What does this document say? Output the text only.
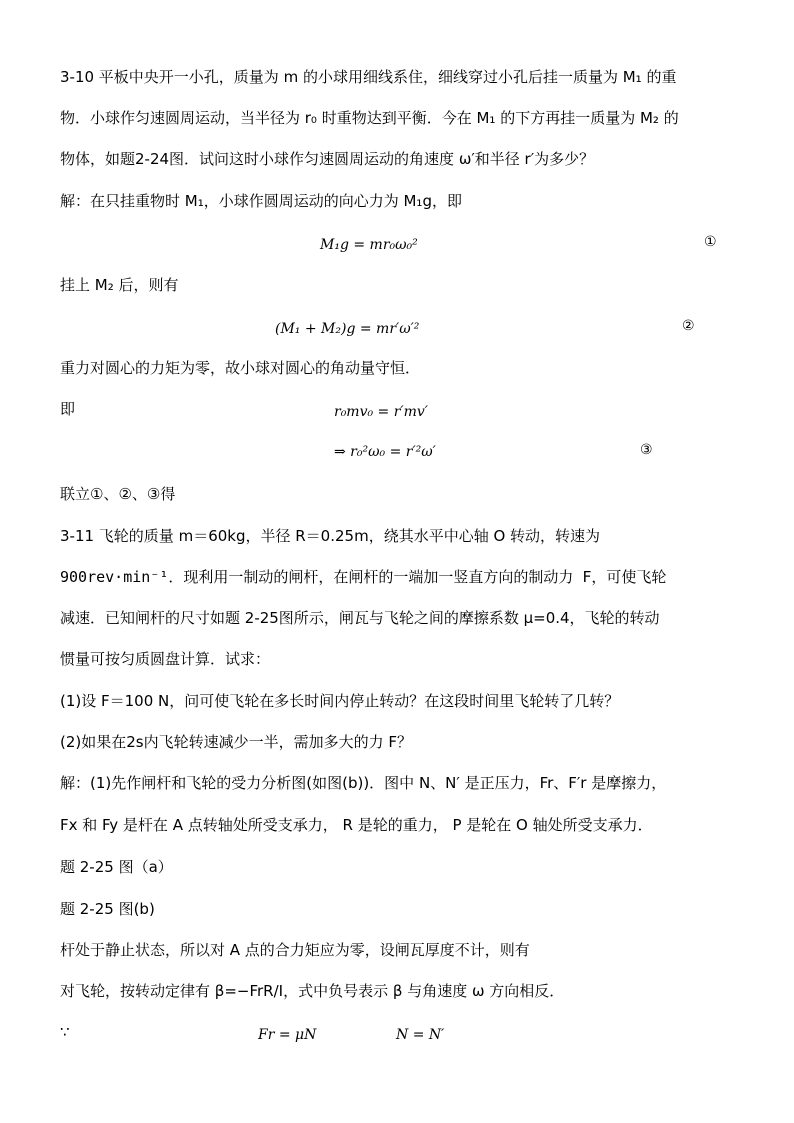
3-10 平板中央开一小孔，质量为 m 的小球用细线系住，细线穿过小孔后挂一质量为 M₁ 的重
物．小球作匀速圆周运动，当半径为 r₀ 时重物达到平衡．今在 M₁ 的下方再挂一质量为 M₂ 的
物体，如题2-24图．试问这时小球作匀速圆周运动的角速度 ω′和半径 r′为多少？
解：在只挂重物时 M₁，小球作圆周运动的向心力为 M₁g，即
M₁g = mr₀ω₀²	①
挂上 M₂ 后，则有
(M₁ + M₂)g = mr′ω′²	②
重力对圆心的力矩为零，故小球对圆心的角动量守恒．
即	r₀mv₀ = r′mv′
⇒ r₀²ω₀ = r′²ω′	③
联立①、②、③得
3-11 飞轮的质量 m＝60kg，半径 R＝0.25m，绕其水平中心轴 O 转动，转速为
900rev·min⁻¹．现利用一制动的闸杆，在闸杆的一端加一竖直方向的制动力 F，可使飞轮
减速．已知闸杆的尺寸如题 2-25图所示，闸瓦与飞轮之间的摩擦系数 μ=0.4，飞轮的转动
惯量可按匀质圆盘计算．试求：
(1)设 F＝100 N，问可使飞轮在多长时间内停止转动？在这段时间里飞轮转了几转？
(2)如果在2s内飞轮转速减少一半，需加多大的力 F？
解：(1)先作闸杆和飞轮的受力分析图(如图(b))．图中 N、N′ 是正压力，Fr、F′r 是摩擦力，
Fx 和 Fy 是杆在 A 点转轴处所受支承力， R 是轮的重力， P 是轮在 O 轴处所受支承力．
题 2-25 图（a）
题 2-25 图(b)
杆处于静止状态，所以对 A 点的合力矩应为零，设闸瓦厚度不计，则有
对飞轮，按转动定律有 β=−FrR/I，式中负号表示 β 与角速度 ω 方向相反．
∵	Fr = μN	N = N′
